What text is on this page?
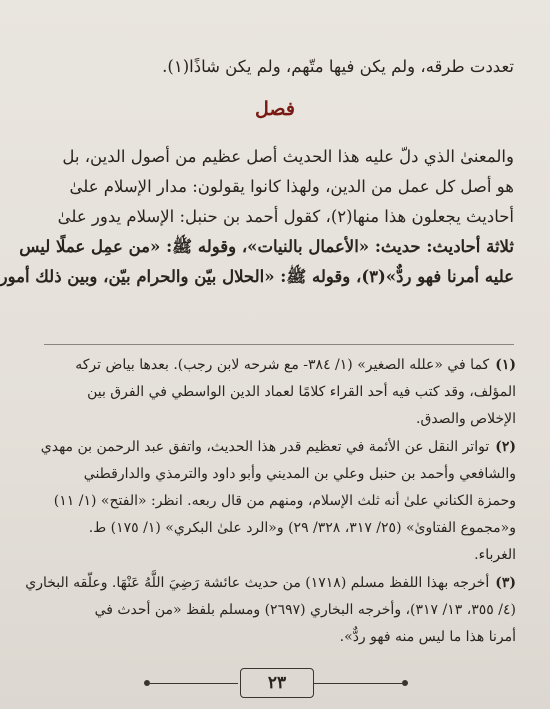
تعددت طرقه، ولم يكن فيها متّهم، ولم يكن شاذًا(١).
فصل
والمعنىٰ الذي دلّ عليه هذا الحديث أصل عظيم من أصول الدين، بل
هو أصل كل عمل من الدين، ولهذا كانوا يقولون: مدار الإسلام علىٰ
أحاديث يجعلون هذا منها(٢)، كقول أحمد بن حنبل: الإسلام يدور علىٰ
ثلاثة أحاديث: حديث: «الأعمال بالنيات»، وقوله ﷺ: «من عمِل عملًا ليس
عليه أمرنا فهو ردٌّ»(٣)، وقوله ﷺ: «الحلال بيّن والحرام بيّن، وبين ذلك أمور
(١)كما في «علله الصغير» (١/ ٣٨٤- مع شرحه لابن رجب). بعدها بياض تركه
المؤلف، وقد كتب فيه أحد القراء كلامًا لعماد الدين الواسطي في الفرق بين
الإخلاص والصدق.
(٢)تواتر النقل عن الأئمة في تعظيم قدر هذا الحديث، واتفق عبد الرحمن بن مهدي
والشافعي وأحمد بن حنبل وعلي بن المديني وأبو داود والترمذي والدارقطني
وحمزة الكناني علىٰ أنه ثلث الإسلام، ومنهم من قال ربعه. انظر: «الفتح» (١/ ١١)
و«مجموع الفتاوىٰ» (٢٥/ ٣١٧، ٣٢٨/ ٢٩) و«الرد علىٰ البكري» (١/ ١٧٥) ط.
الغرباء.
(٣)أخرجه بهذا اللفظ مسلم (١٧١٨) من حديث عائشة رَضِيَ اللَّهُ عَنْهَا. وعلّقه البخاري
(٤/ ٣٥٥، ١٣/ ٣١٧)، وأخرجه البخاري (٢٦٩٧) ومسلم بلفظ «من أحدث في
أمرنا هذا ما ليس منه فهو ردٌّ».
٢٣
